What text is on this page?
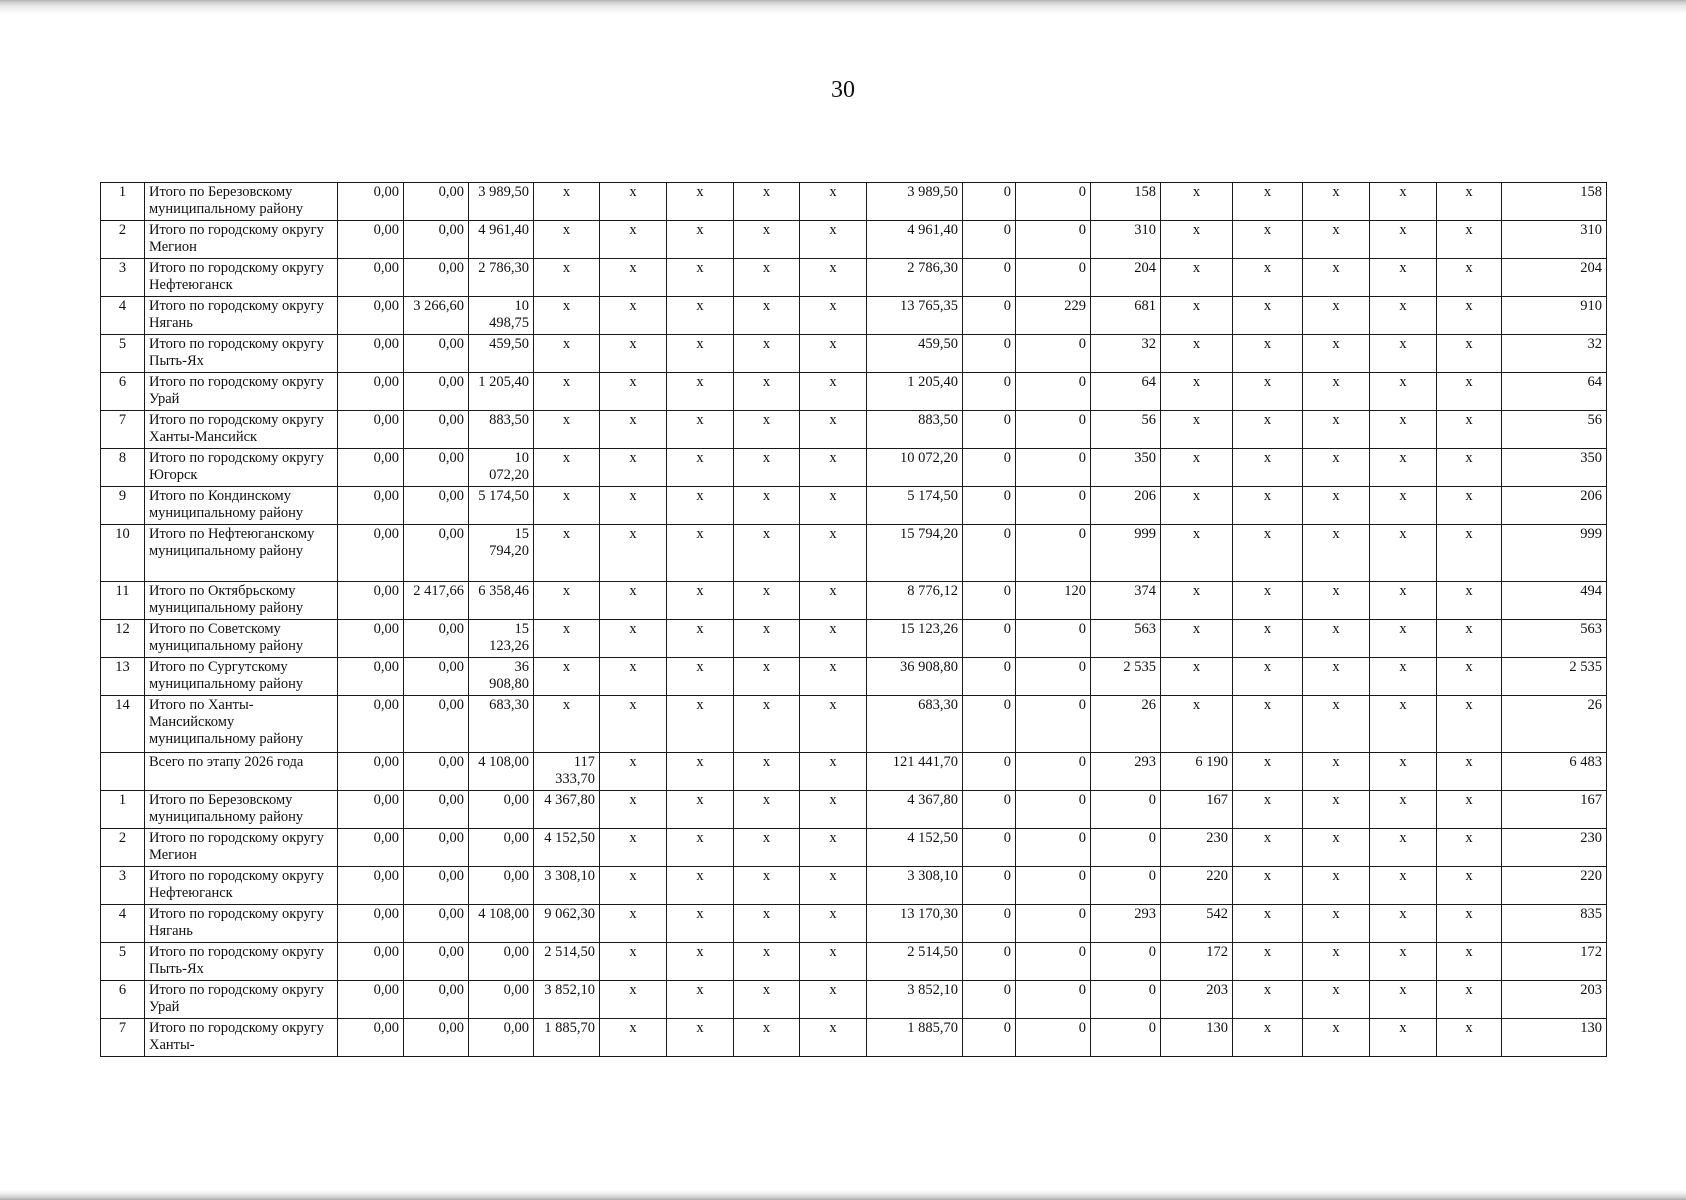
30
1	Итого по Березовскому муниципальному району	0,00	0,00	3 989,50	x	x	x	x	x	3 989,50	0	0	158	x	x	x	x	x	158
2	Итого по городскому округу Мегион	0,00	0,00	4 961,40	x	x	x	x	x	4 961,40	0	0	310	x	x	x	x	x	310
3	Итого по городскому округу Нефтеюганск	0,00	0,00	2 786,30	x	x	x	x	x	2 786,30	0	0	204	x	x	x	x	x	204
4	Итого по городскому округу Нягань	0,00	3 266,60	10 498,75	x	x	x	x	x	13 765,35	0	229	681	x	x	x	x	x	910
5	Итого по городскому округу Пыть-Ях	0,00	0,00	459,50	x	x	x	x	x	459,50	0	0	32	x	x	x	x	x	32
6	Итого по городскому округу Урай	0,00	0,00	1 205,40	x	x	x	x	x	1 205,40	0	0	64	x	x	x	x	x	64
7	Итого по городскому округу Ханты-Мансийск	0,00	0,00	883,50	x	x	x	x	x	883,50	0	0	56	x	x	x	x	x	56
8	Итого по городскому округу Югорск	0,00	0,00	10 072,20	x	x	x	x	x	10 072,20	0	0	350	x	x	x	x	x	350
9	Итого по Кондинскому муниципальному району	0,00	0,00	5 174,50	x	x	x	x	x	5 174,50	0	0	206	x	x	x	x	x	206
10	Итого по Нефтеюганскому муниципальному району	0,00	0,00	15 794,20	x	x	x	x	x	15 794,20	0	0	999	x	x	x	x	x	999
11	Итого по Октябрьскому муниципальному району	0,00	2 417,66	6 358,46	x	x	x	x	x	8 776,12	0	120	374	x	x	x	x	x	494
12	Итого по Советскому муниципальному району	0,00	0,00	15 123,26	x	x	x	x	x	15 123,26	0	0	563	x	x	x	x	x	563
13	Итого по Сургутскому муниципальному району	0,00	0,00	36 908,80	x	x	x	x	x	36 908,80	0	0	2 535	x	x	x	x	x	2 535
14	Итого по Ханты-Мансийскому муниципальному району	0,00	0,00	683,30	x	x	x	x	x	683,30	0	0	26	x	x	x	x	x	26
	Всего по этапу 2026 года	0,00	0,00	4 108,00	117 333,70	x	x	x	x	121 441,70	0	0	293	6 190	x	x	x	x	6 483
1	Итого по Березовскому муниципальному району	0,00	0,00	0,00	4 367,80	x	x	x	x	4 367,80	0	0	0	167	x	x	x	x	167
2	Итого по городскому округу Мегион	0,00	0,00	0,00	4 152,50	x	x	x	x	4 152,50	0	0	0	230	x	x	x	x	230
3	Итого по городскому округу Нефтеюганск	0,00	0,00	0,00	3 308,10	x	x	x	x	3 308,10	0	0	0	220	x	x	x	x	220
4	Итого по городскому округу Нягань	0,00	0,00	4 108,00	9 062,30	x	x	x	x	13 170,30	0	0	293	542	x	x	x	x	835
5	Итого по городскому округу Пыть-Ях	0,00	0,00	0,00	2 514,50	x	x	x	x	2 514,50	0	0	0	172	x	x	x	x	172
6	Итого по городскому округу Урай	0,00	0,00	0,00	3 852,10	x	x	x	x	3 852,10	0	0	0	203	x	x	x	x	203
7	Итого по городскому округу Ханты-	0,00	0,00	0,00	1 885,70	x	x	x	x	1 885,70	0	0	0	130	x	x	x	x	130
